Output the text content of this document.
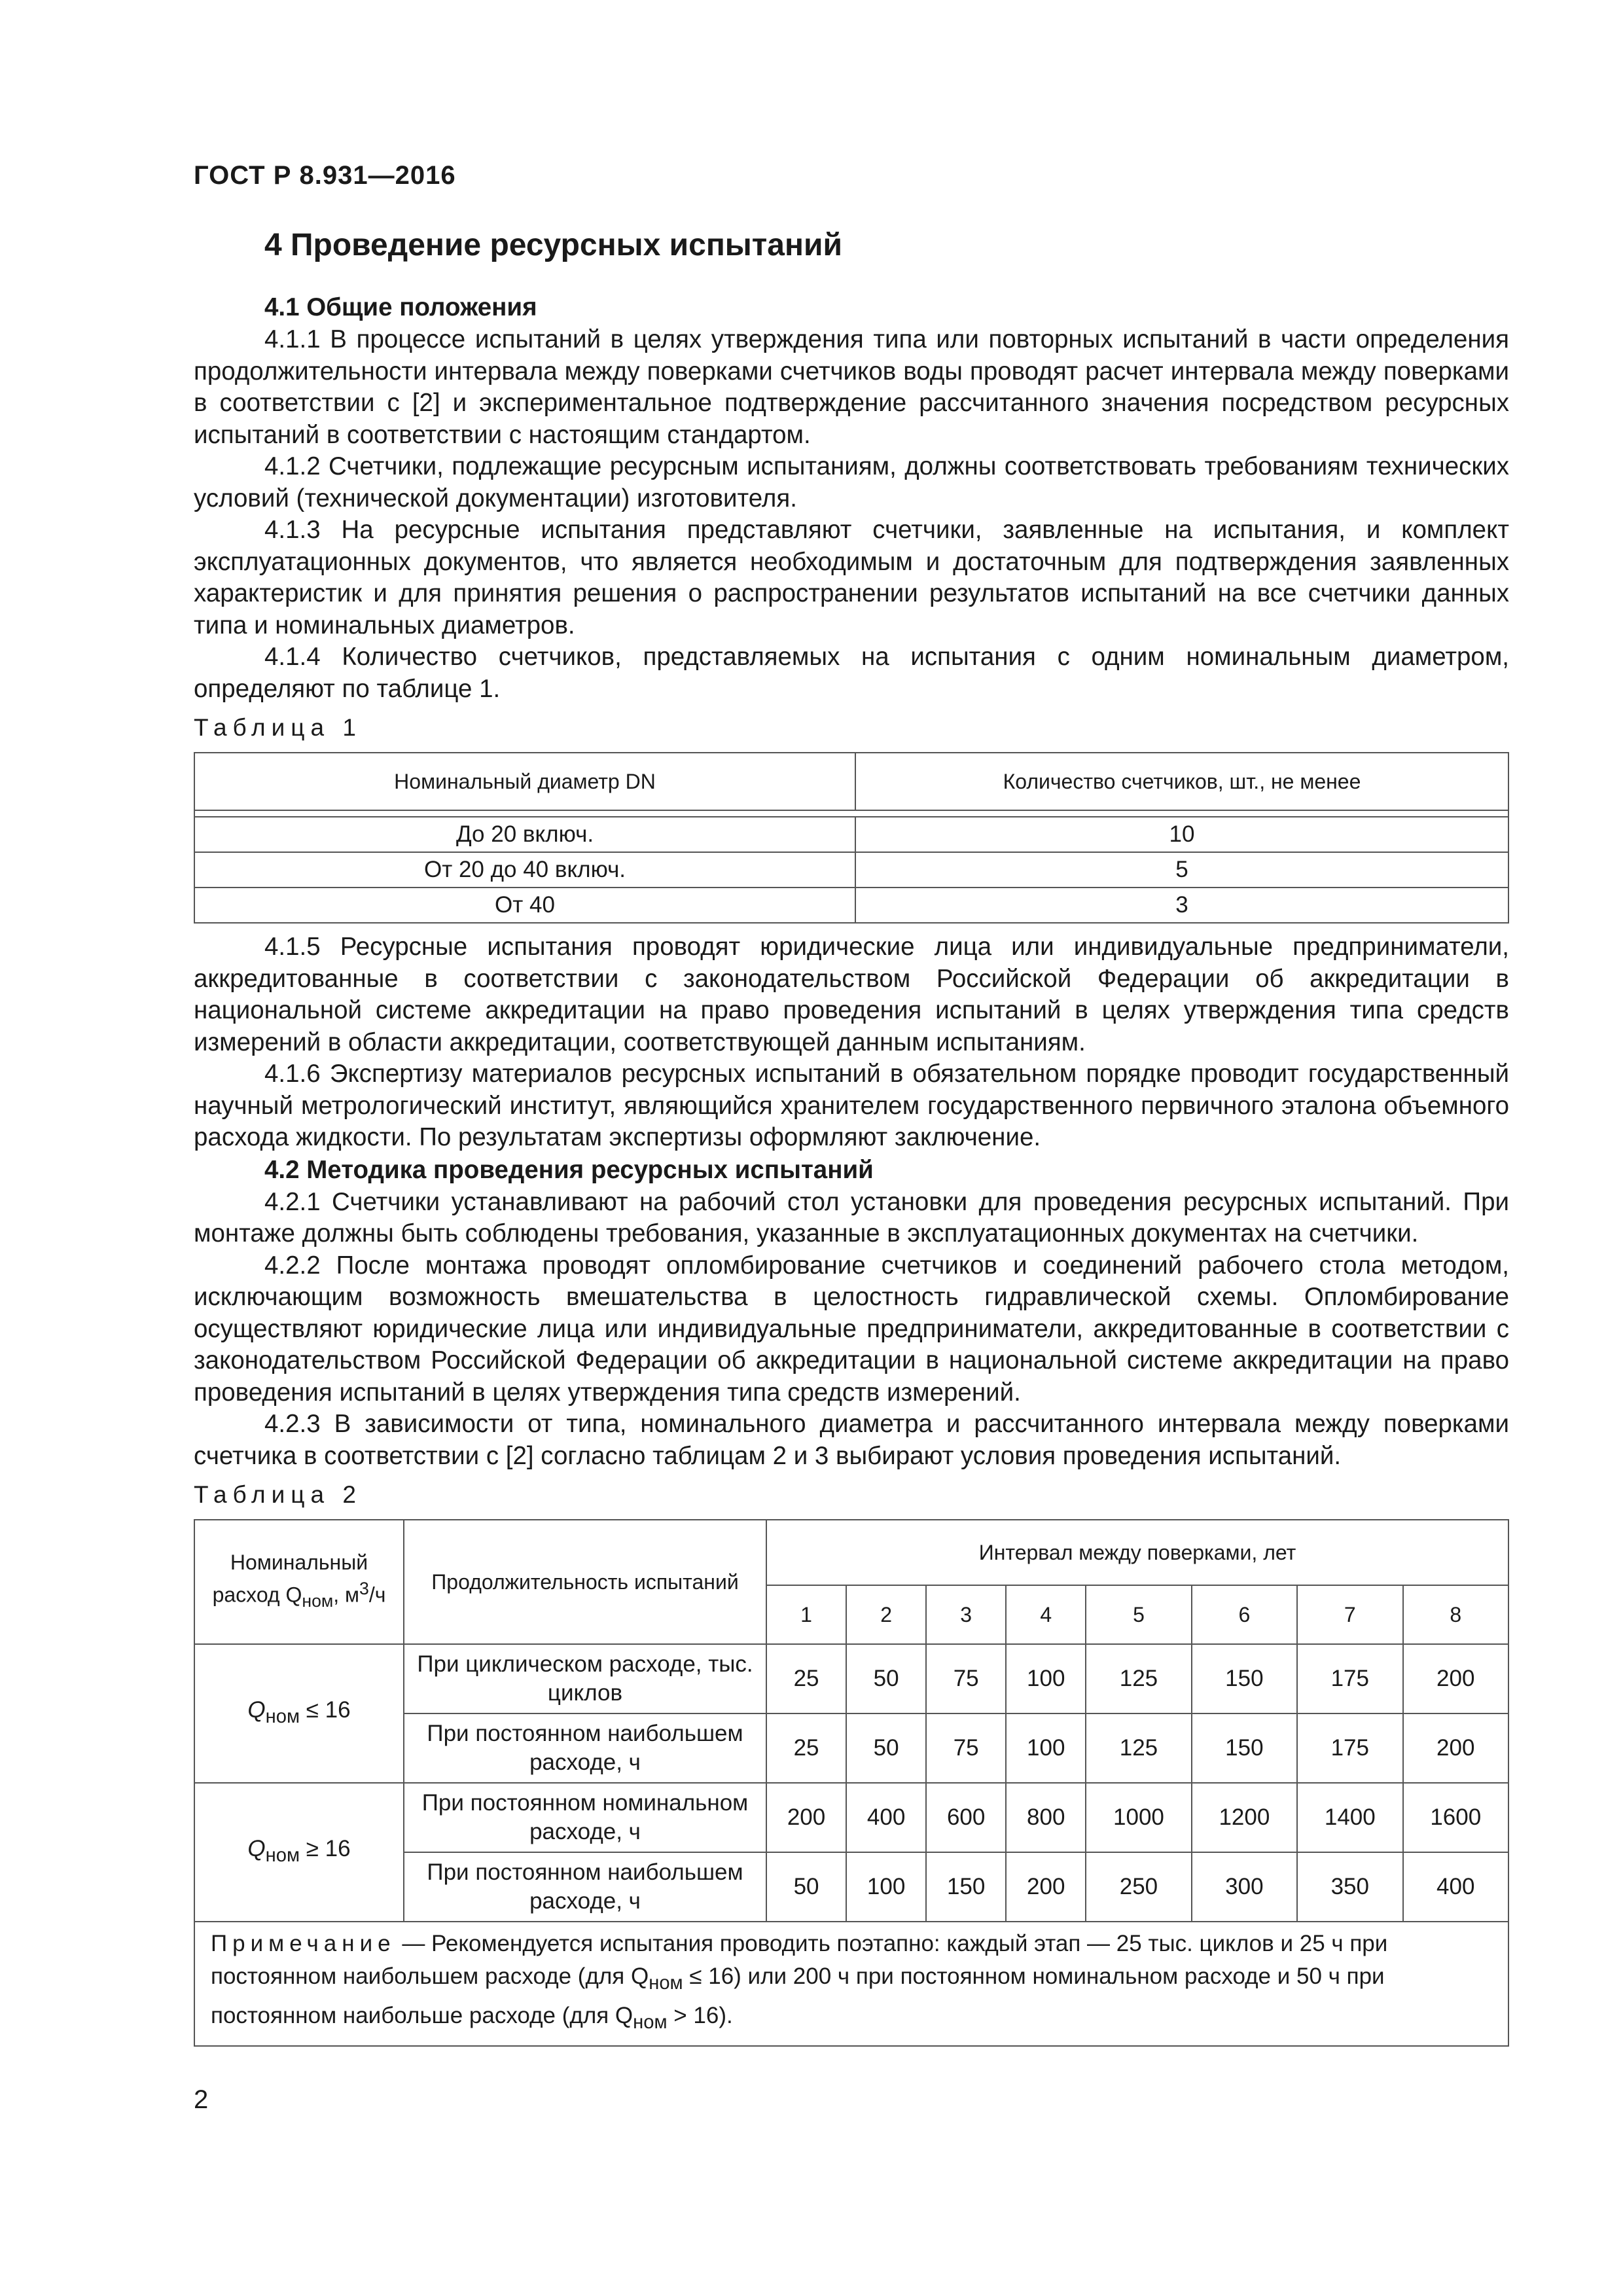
ГОСТ Р 8.931—2016
4 Проведение ресурсных испытаний
4.1 Общие положения

4.1.1 В процессе испытаний в целях утверждения типа или повторных испытаний в части определения продолжительности интервала между поверками счетчиков воды проводят расчет интервала между поверками в соответствии с [2] и экспериментальное подтверждение рассчитанного значения посредством ресурсных испытаний в соответствии с настоящим стандартом.

4.1.2 Счетчики, подлежащие ресурсным испытаниям, должны соответствовать требованиям технических условий (технической документации) изготовителя.

4.1.3 На ресурсные испытания представляют счетчики, заявленные на испытания, и комплект эксплуатационных документов, что является необходимым и достаточным для подтверждения заявленных характеристик и для принятия решения о распространении результатов испытаний на все счетчики данных типа и номинальных диаметров.

4.1.4 Количество счетчиков, представляемых на испытания с одним номинальным диаметром, определяют по таблице 1.

Таблица 1
Номинальный диаметр DN	Количество счетчиков, шт., не менее

До 20 включ.	10
От 20 до 40 включ.	5
От 40	3

4.1.5 Ресурсные испытания проводят юридические лица или индивидуальные предприниматели, аккредитованные в соответствии с законодательством Российской Федерации об аккредитации в национальной системе аккредитации на право проведения испытаний в целях утверждения типа средств измерений в области аккредитации, соответствующей данным испытаниям.

4.1.6 Экспертизу материалов ресурсных испытаний в обязательном порядке проводит государственный научный метрологический институт, являющийся хранителем государственного первичного эталона объемного расхода жидкости. По результатам экспертизы оформляют заключение.

4.2 Методика проведения ресурсных испытаний

4.2.1 Счетчики устанавливают на рабочий стол установки для проведения ресурсных испытаний. При монтаже должны быть соблюдены требования, указанные в эксплуатационных документах на счетчики.

4.2.2 После монтажа проводят опломбирование счетчиков и соединений рабочего стола методом, исключающим возможность вмешательства в целостность гидравлической схемы. Опломбирование осуществляют юридические лица или индивидуальные предприниматели, аккредитованные в соответствии с законодательством Российской Федерации об аккредитации в национальной системе аккредитации на право проведения испытаний в целях утверждения типа средств измерений.

4.2.3 В зависимости от типа, номинального диаметра и рассчитанного интервала между поверками счетчика в соответствии с [2] согласно таблицам 2 и 3 выбирают условия проведения испытаний.

Таблица 2
Номинальный расход $Q_{ном}$, $м^3/ч$	Продолжительность испытаний	Интервал между поверками, лет							
		1	2	3	4	5	6	7	8
$Q_{ном} \le 16$	При циклическом расходе, тыс. циклов	25	50	75	100	125	150	175	200
	При постоянном наибольшем расходе, ч	25	50	75	100	125	150	175	200
$Q_{ном} \ge 16$	При постоянном номинальном расходе, ч	200	400	600	800	1000	1200	1400	1600
	При постоянном наибольшем расходе, ч	50	100	150	200	250	300	350	400
Примечание — Рекомендуется испытания проводить поэтапно: каждый этап — 25 тыс. циклов и 25 ч при постоянном наибольшем расходе (для $Q_{ном} \le 16$) или 200 ч при постоянном номинальном расходе и 50 ч при постоянном наибольше расходе (для $Q_{ном} > 16$).									
2
